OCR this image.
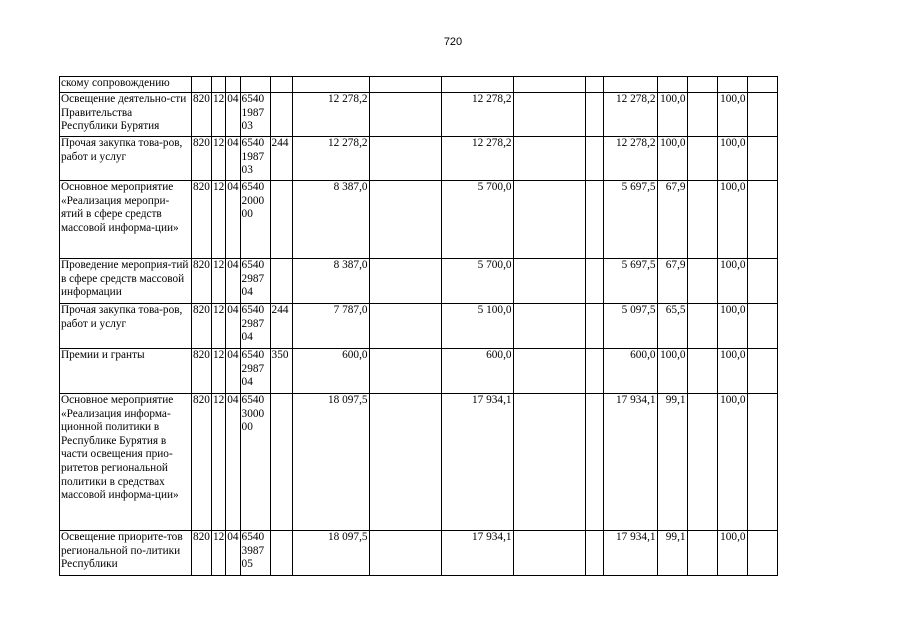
720
скому сопровождению															
Освещение деятельно-сти Правительства Республики Бурятия	820	12	04	6540198703		12 278,2		12 278,2			12 278,2	100,0		100,0	
Прочая закупка това-ров, работ и услуг	820	12	04	6540198703	244	12 278,2		12 278,2			12 278,2	100,0		100,0	
Основное мероприятие «Реализация меропри-ятий в сфере средств массовой информа-ции»	820	12	04	6540200000		8 387,0		5 700,0			5 697,5	67,9		100,0	
Проведение мероприя-тий в сфере средств массовой информации	820	12	04	6540298704		8 387,0		5 700,0			5 697,5	67,9		100,0	
Прочая закупка това-ров, работ и услуг	820	12	04	6540298704	244	7 787,0		5 100,0			5 097,5	65,5		100,0	
Премии и гранты	820	12	04	6540298704	350	600,0		600,0			600,0	100,0		100,0	
Основное мероприятие «Реализация информа-ционной политики в Республике Бурятия в части освещения прио-ритетов региональной политики в средствах массовой информа-ции»	820	12	04	6540300000		18 097,5		17 934,1			17 934,1	99,1		100,0	
Освещение приорите-тов региональной по-литики Республики	820	12	04	6540398705		18 097,5		17 934,1			17 934,1	99,1		100,0	
